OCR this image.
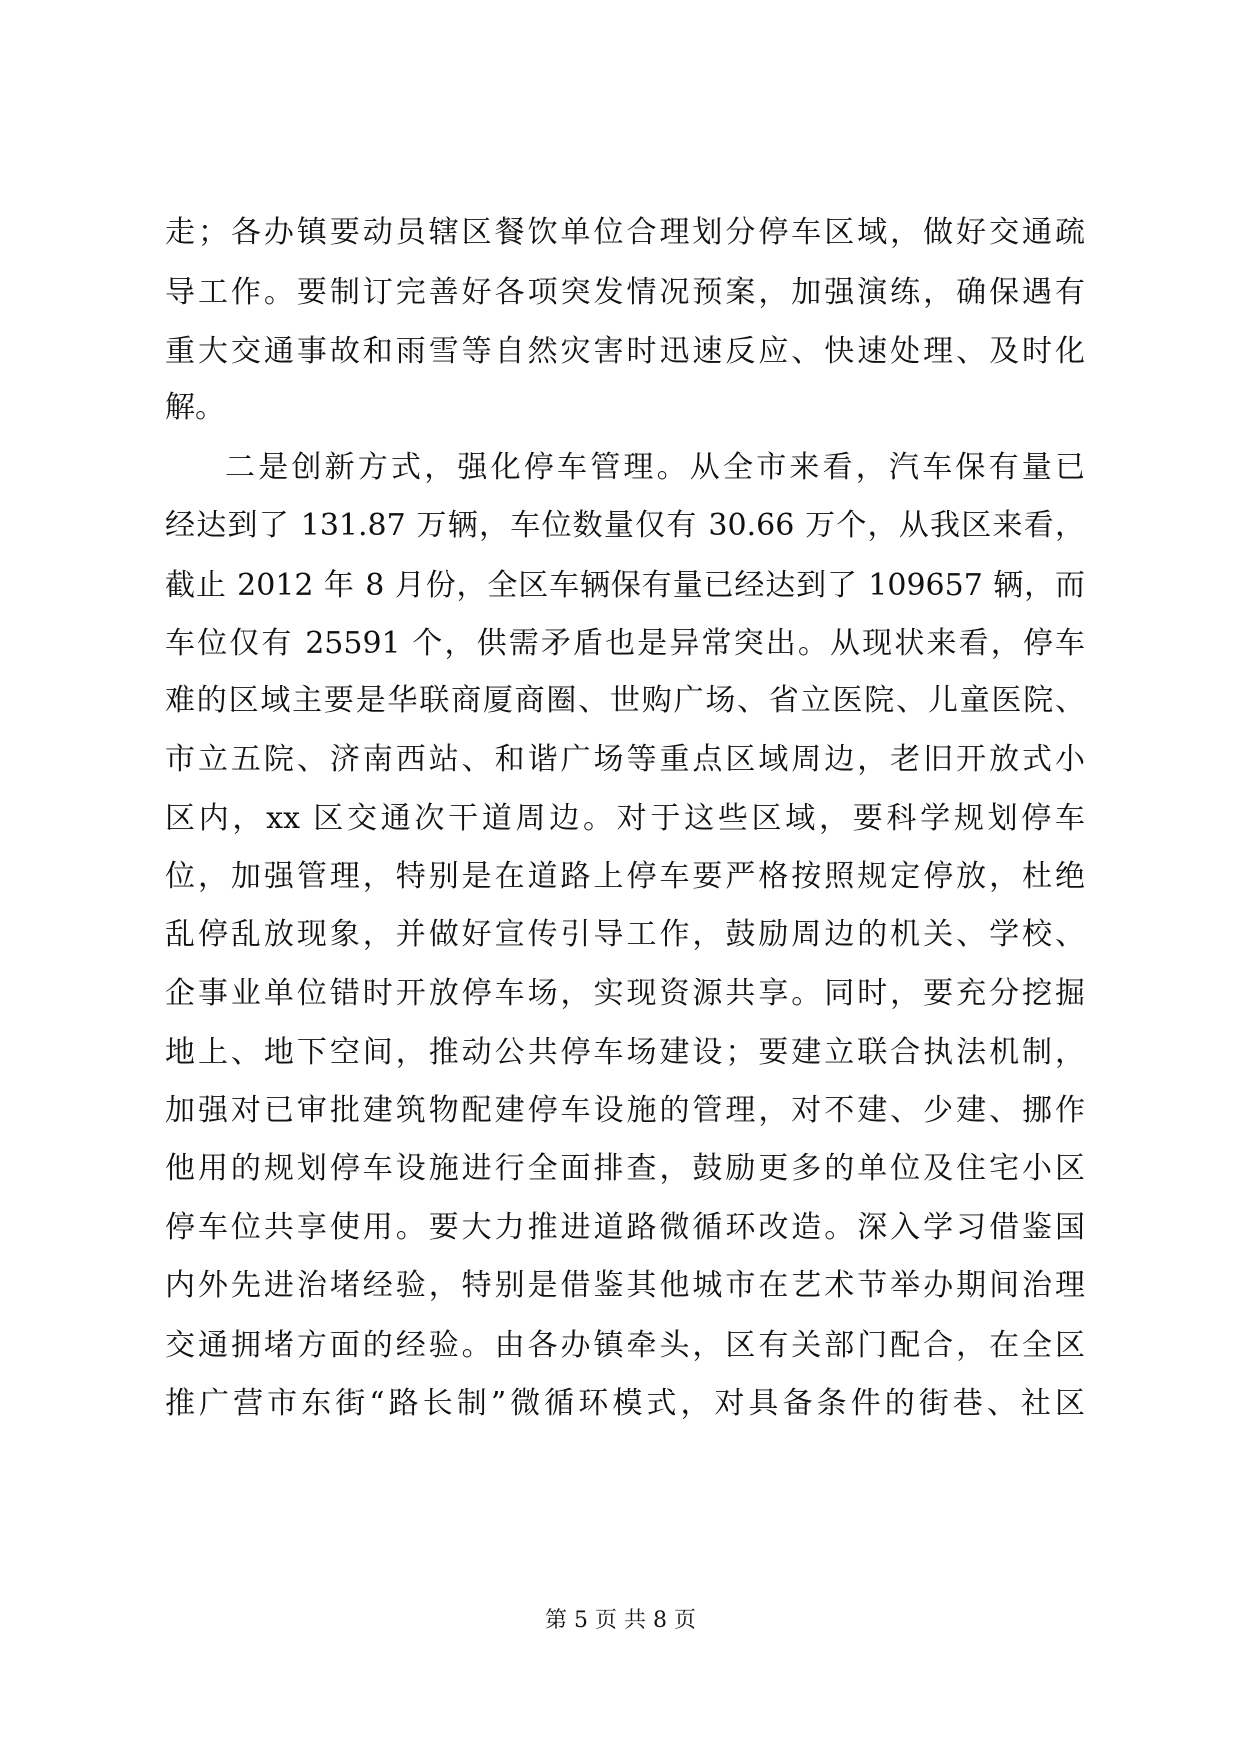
走；各办镇要动员辖区餐饮单位合理划分停车区域，做好交通疏
导工作。要制订完善好各项突发情况预案，加强演练，确保遇有
重大交通事故和雨雪等自然灾害时迅速反应、快速处理、及时化
解。
二是创新方式，强化停车管理。从全市来看，汽车保有量已
经达到了 131.87 万辆，车位数量仅有 30.66 万个，从我区来看，
截止 2012 年 8 月份，全区车辆保有量已经达到了 109657 辆，而
车位仅有 25591 个，供需矛盾也是异常突出。从现状来看，停车
难的区域主要是华联商厦商圈、世购广场、省立医院、儿童医院、
市立五院、济南西站、和谐广场等重点区域周边，老旧开放式小
区内，xx 区交通次干道周边。对于这些区域，要科学规划停车
位，加强管理，特别是在道路上停车要严格按照规定停放，杜绝
乱停乱放现象，并做好宣传引导工作，鼓励周边的机关、学校、
企事业单位错时开放停车场，实现资源共享。同时，要充分挖掘
地上、地下空间，推动公共停车场建设；要建立联合执法机制，
加强对已审批建筑物配建停车设施的管理，对不建、少建、挪作
他用的规划停车设施进行全面排查，鼓励更多的单位及住宅小区
停车位共享使用。要大力推进道路微循环改造。深入学习借鉴国
内外先进治堵经验，特别是借鉴其他城市在艺术节举办期间治理
交通拥堵方面的经验。由各办镇牵头，区有关部门配合，在全区
推广营市东街“路长制”微循环模式，对具备条件的街巷、社区
第 5 页 共 8 页
